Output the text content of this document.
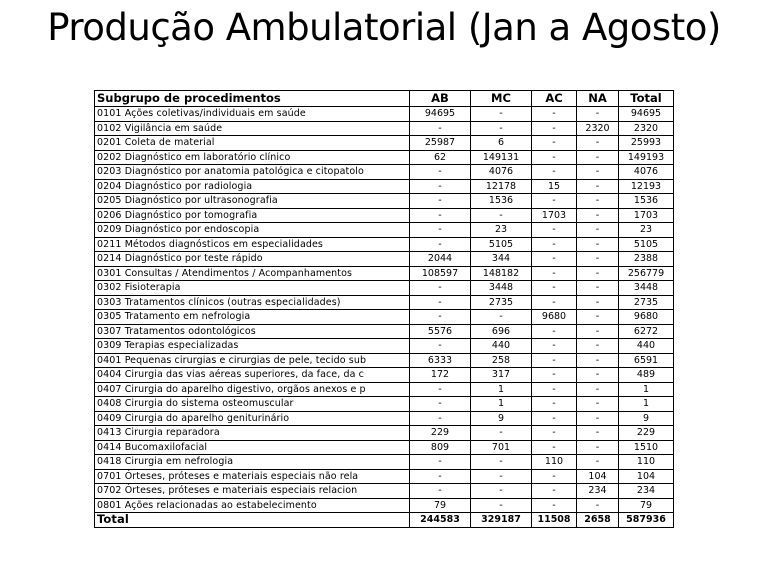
Produção Ambulatorial (Jan a Agosto)
Subgrupo de procedimentos	AB	MC	AC	NA	Total
0101 Ações coletivas/individuais em saúde	94695	-	-	-	94695
0102 Vigilância em saúde	-	-	-	2320	2320
0201 Coleta de material	25987	6	-	-	25993
0202 Diagnóstico em laboratório clínico	62	149131	-	-	149193
0203 Diagnóstico por anatomia patológica e citopatolo	-	4076	-	-	4076
0204 Diagnóstico por radiologia	-	12178	15	-	12193
0205 Diagnóstico por ultrasonografia	-	1536	-	-	1536
0206 Diagnóstico por tomografia	-	-	1703	-	1703
0209 Diagnóstico por endoscopia	-	23	-	-	23
0211 Métodos diagnósticos em especialidades	-	5105	-	-	5105
0214 Diagnóstico por teste rápido	2044	344	-	-	2388
0301 Consultas / Atendimentos / Acompanhamentos	108597	148182	-	-	256779
0302 Fisioterapia	-	3448	-	-	3448
0303 Tratamentos clínicos (outras especialidades)	-	2735	-	-	2735
0305 Tratamento em nefrologia	-	-	9680	-	9680
0307 Tratamentos odontológicos	5576	696	-	-	6272
0309 Terapias especializadas	-	440	-	-	440
0401 Pequenas cirurgias e cirurgias de pele, tecido sub	6333	258	-	-	6591
0404 Cirurgia das vias aéreas superiores, da face, da c	172	317	-	-	489
0407 Cirurgia do aparelho digestivo, orgãos anexos e p	-	1	-	-	1
0408 Cirurgia do sistema osteomuscular	-	1	-	-	1
0409 Cirurgia do aparelho geniturinário	-	9	-	-	9
0413 Cirurgia reparadora	229	-	-	-	229
0414 Bucomaxilofacial	809	701	-	-	1510
0418 Cirurgia em nefrologia	-	-	110	-	110
0701 Órteses, próteses e materiais especiais não rela	-	-	-	104	104
0702 Órteses, próteses e materiais especiais relacion	-	-	-	234	234
0801 Ações relacionadas ao estabelecimento	79	-	-	-	79
Total	244583	329187	11508	2658	587936
